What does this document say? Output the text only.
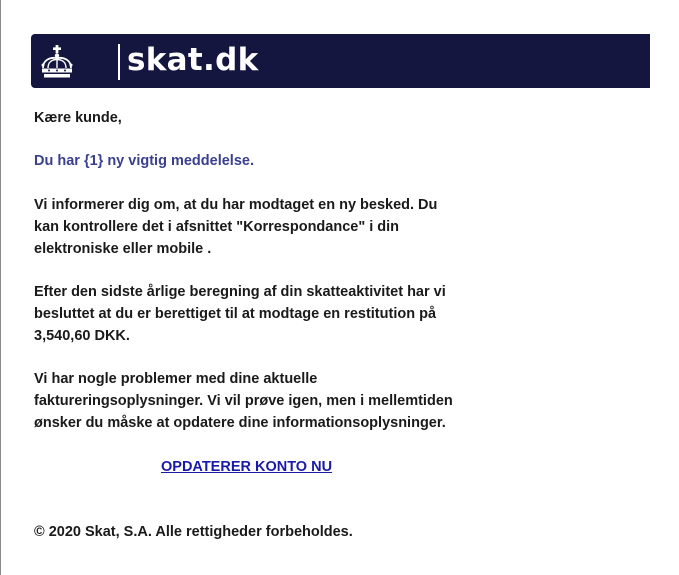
skat.dk
Kære kunde,
Du har {1} ny vigtig meddelelse.
Vi informerer dig om, at du har modtaget en ny besked. Du kan kontrollere det i afsnittet "Korrespondance" i din elektroniske eller mobile .
Efter den sidste årlige beregning af din skatteaktivitet har vi besluttet at du er berettiget til at modtage en restitution på 3,540,60 DKK.
Vi har nogle problemer med dine aktuelle faktureringsoplysninger. Vi vil prøve igen, men i mellemtiden ønsker du måske at opdatere dine informationsoplysninger.
OPDATERER KONTO NU
© 2020 Skat, S.A. Alle rettigheder forbeholdes.
